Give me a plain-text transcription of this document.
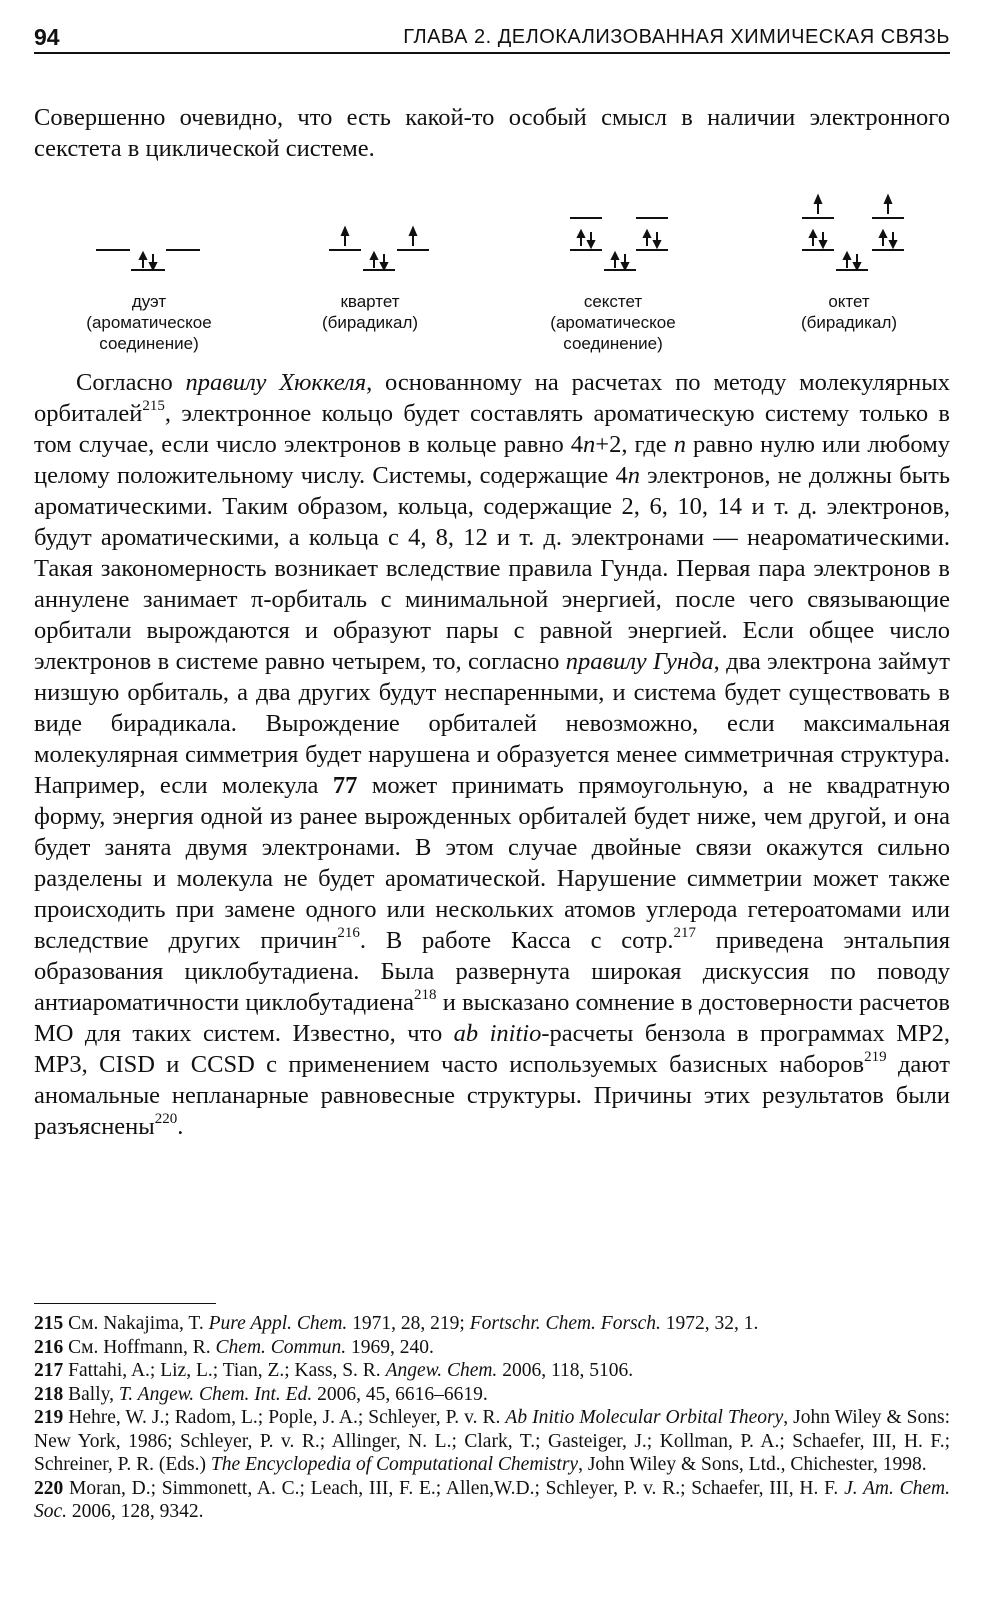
94	ГЛАВА 2. ДЕЛОКАЛИЗОВАННАЯ ХИМИЧЕСКАЯ СВЯЗЬ

Совершенно очевидно, что есть какой-то особый смысл в наличии электронного секстета в циклической системе.

дуэт
(ароматическое
соединение)
квартет
(бирадикал)
секстет
(ароматическое
соединение)
октет
(бирадикал)

Согласно правилу Хюккеля, основанному на расчетах по методу молекулярных орбиталей$^{215}$, электронное кольцо будет составлять ароматическую систему только в том случае, если число электронов в кольце равно 4n+2, где n равно нулю или любому целому положительному числу. Системы, содержащие 4n электронов, не должны быть ароматическими. Таким образом, кольца, содержащие 2, 6, 10, 14 и т. д. электронов, будут ароматическими, а кольца с 4, 8, 12 и т. д. электронами — неароматическими. Такая закономерность возникает вследствие правила Гунда. Первая пара электронов в аннулене занимает π-орбиталь с минимальной энергией, после чего связывающие орбитали вырождаются и образуют пары с равной энергией. Если общее число электронов в системе равно четырем, то, согласно правилу Гунда, два электрона займут низшую орбиталь, а два других будут неспаренными, и система будет существовать в виде бирадикала. Вырождение орбиталей невозможно, если максимальная молекулярная симметрия будет нарушена и образуется менее симметричная структура. Например, если молекула 77 может принимать прямоугольную, а не квадратную форму, энергия одной из ранее вырожденных орбиталей будет ниже, чем другой, и она будет занята двумя электронами. В этом случае двойные связи окажутся сильно разделены и молекула не будет ароматической. Нарушение симметрии может также происходить при замене одного или нескольких атомов углерода гетероатомами или вследствие других причин$^{216}$. В работе Касса с сотр.$^{217}$ приведена энтальпия образования циклобутадиена. Была развернута широкая дискуссия по поводу антиароматичности циклобутадиена$^{218}$ и высказано сомнение в достоверности расчетов МО для таких систем. Известно, что ab initio-расчеты бензола в программах MP2, MP3, CISD и CCSD с применением часто используемых базисных наборов$^{219}$ дают аномальные непланарные равновесные структуры. Причины этих результатов были разъяснены$^{220}$.

215 См. Nakajima, T. Pure Appl. Chem. 1971, 28, 219; Fortschr. Chem. Forsch. 1972, 32, 1.

216 См. Hoffmann, R. Chem. Commun. 1969, 240.

217 Fattahi, A.; Liz, L.; Tian, Z.; Kass, S. R. Angew. Chem. 2006, 118, 5106.

218 Bally, T. Angew. Chem. Int. Ed. 2006, 45, 6616–6619.

219 Hehre, W. J.; Radom, L.; Pople, J. A.; Schleyer, P. v. R. Ab Initio Molecular Orbital Theory, John Wiley & Sons: New York, 1986; Schleyer, P. v. R.; Allinger, N. L.; Clark, T.; Gasteiger, J.; Kollman, P. A.; Schaefer, III, H. F.; Schreiner, P. R. (Eds.) The Encyclopedia of Computational Chemistry, John Wiley & Sons, Ltd., Chichester, 1998.

220 Moran, D.; Simmonett, A. C.; Leach, III, F. E.; Allen,W.D.; Schleyer, P. v. R.; Schaefer, III, H. F. J. Am. Chem. Soc. 2006, 128, 9342.
